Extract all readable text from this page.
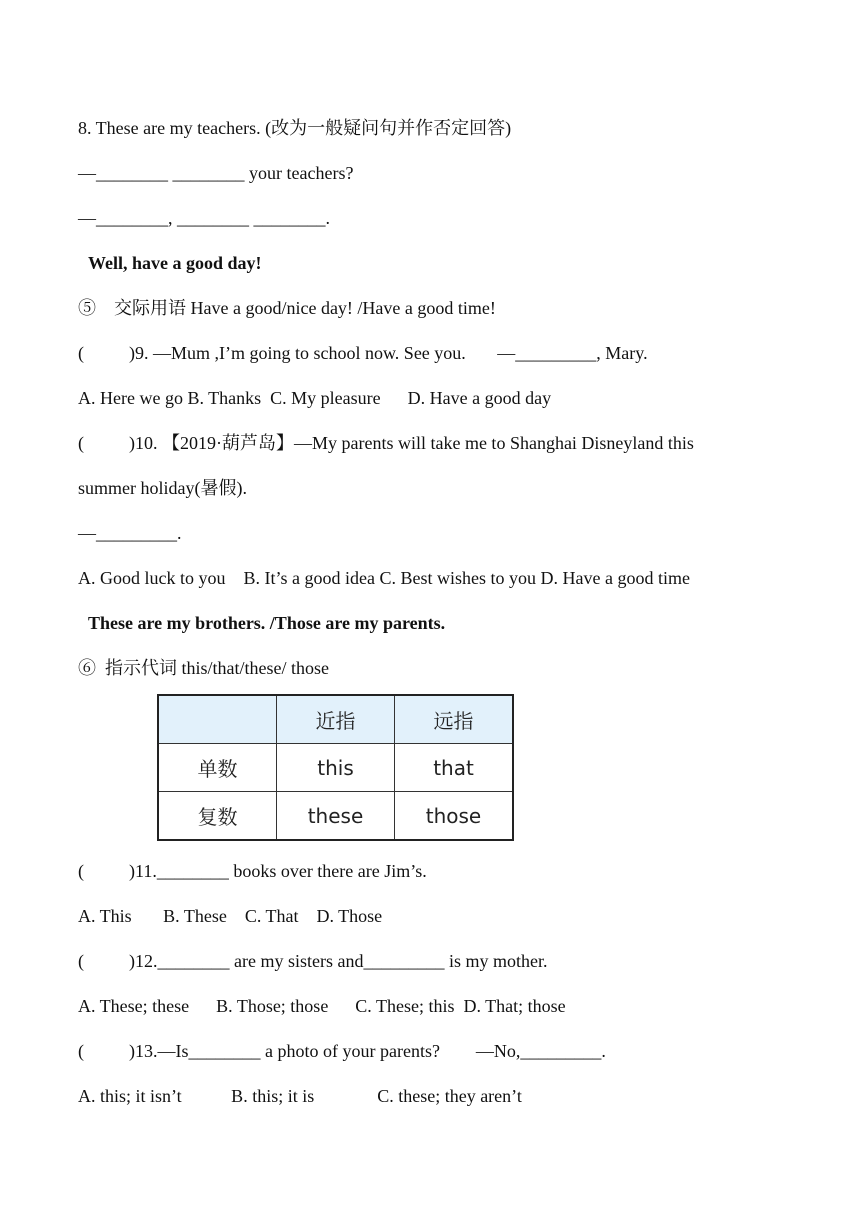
8. These are my teachers. (改为一般疑问句并作否定回答)
—________ ________ your teachers?
—________, ________ ________.
Well, have a good day!
⑤    交际用语 Have a good/nice day! /Have a good time!
(          )9. —Mum ,I’m going to school now. See you.       —_________, Mary.
A. Here we go B. Thanks  C. My pleasure      D. Have a good day
(          )10. 【2019·葫芦岛】—My parents will take me to Shanghai Disneyland this
summer holiday(暑假).
—_________.
A. Good luck to you    B. It’s a good idea C. Best wishes to you D. Have a good time
These are my brothers. /Those are my parents.
⑥  指示代词 this/that/these/ those
	近指	远指
单数	this	that
复数	these	those
(          )11.________ books over there are Jim’s.
A. This       B. These    C. That    D. Those
(          )12.________ are my sisters and_________ is my mother.
A. These; these      B. Those; those      C. These; this  D. That; those
(          )13.—Is________ a photo of your parents?        —No,_________.
A. this; it isn’t           B. this; it is              C. these; they aren’t
